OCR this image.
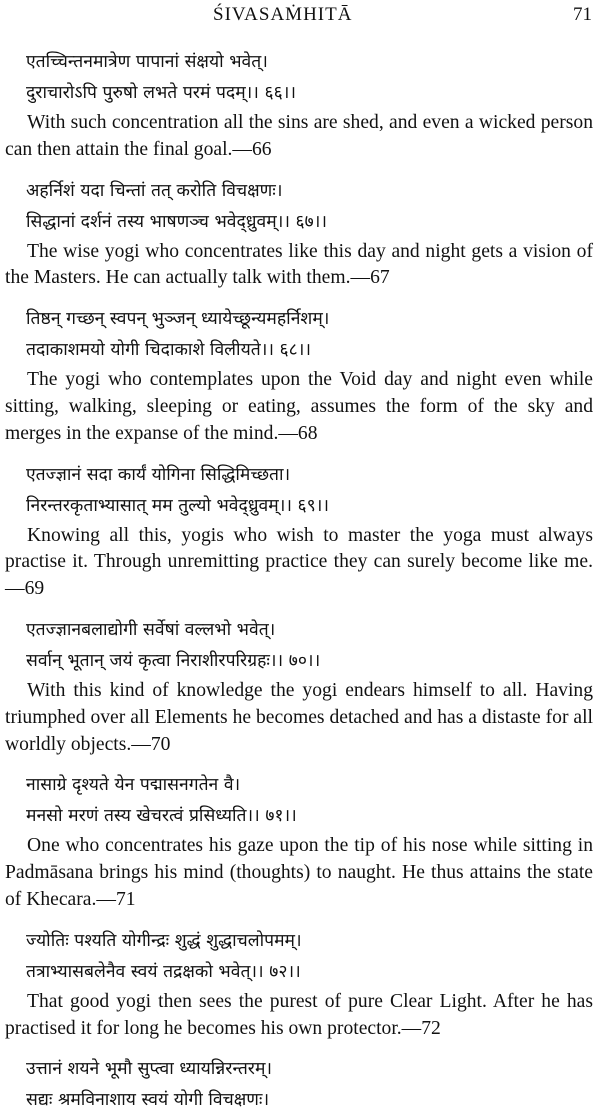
ŚIVASAṀHITĀ	71
एतच्चिन्तनमात्रेण पापानां संक्षयो भवेत्।
दुराचारोऽपि पुरुषो लभते परमं पदम्।। ६६।।

With such concentration all the sins are shed, and even a wicked person can then attain the final goal.—66

अहर्निशं यदा चिन्तां तत् करोति विचक्षणः।
सिद्धानां दर्शनं तस्य भाषणञ्च भवेद्ध्रुवम्।। ६७।।

The wise yogi who concentrates like this day and night gets a vision of the Masters. He can actually talk with them.—67

तिष्ठन् गच्छन् स्वपन् भुञ्जन् ध्यायेच्छून्यमहर्निशम्।
तदाकाशमयो योगी चिदाकाशे विलीयते।। ६८।।

The yogi who contemplates upon the Void day and night even while sitting, walking, sleeping or eating, assumes the form of the sky and merges in the expanse of the mind.—68

एतज्ज्ञानं सदा कार्यं योगिना सिद्धिमिच्छता।
निरन्तरकृताभ्यासात् मम तुल्यो भवेद्ध्रुवम्।। ६९।।

Knowing all this, yogis who wish to master the yoga must always practise it. Through unremitting practice they can surely become like me.—69

एतज्ज्ञानबलाद्योगी सर्वेषां वल्लभो भवेत्।
सर्वान् भूतान् जयं कृत्वा निराशीरपरिग्रहः।। ७०।।

With this kind of knowledge the yogi endears himself to all. Having triumphed over all Elements he becomes detached and has a distaste for all worldly objects.—70

नासाग्रे दृश्यते येन पद्मासनगतेन वै।
मनसो मरणं तस्य खेचरत्वं प्रसिध्यति।। ७१।।

One who concentrates his gaze upon the tip of his nose while sitting in Padmāsana brings his mind (thoughts) to naught. He thus attains the state of Khecara.—71

ज्योतिः पश्यति योगीन्द्रः शुद्धं शुद्धाचलोपमम्।
तत्राभ्यासबलेनैव स्वयं तद्रक्षको भवेत्।। ७२।।

That good yogi then sees the purest of pure Clear Light. After he has practised it for long he becomes his own protector.—72

उत्तानं शयने भूमौ सुप्त्वा ध्यायन्निरन्तरम्।
सद्यः श्रमविनाशाय स्वयं योगी विचक्षणः।
